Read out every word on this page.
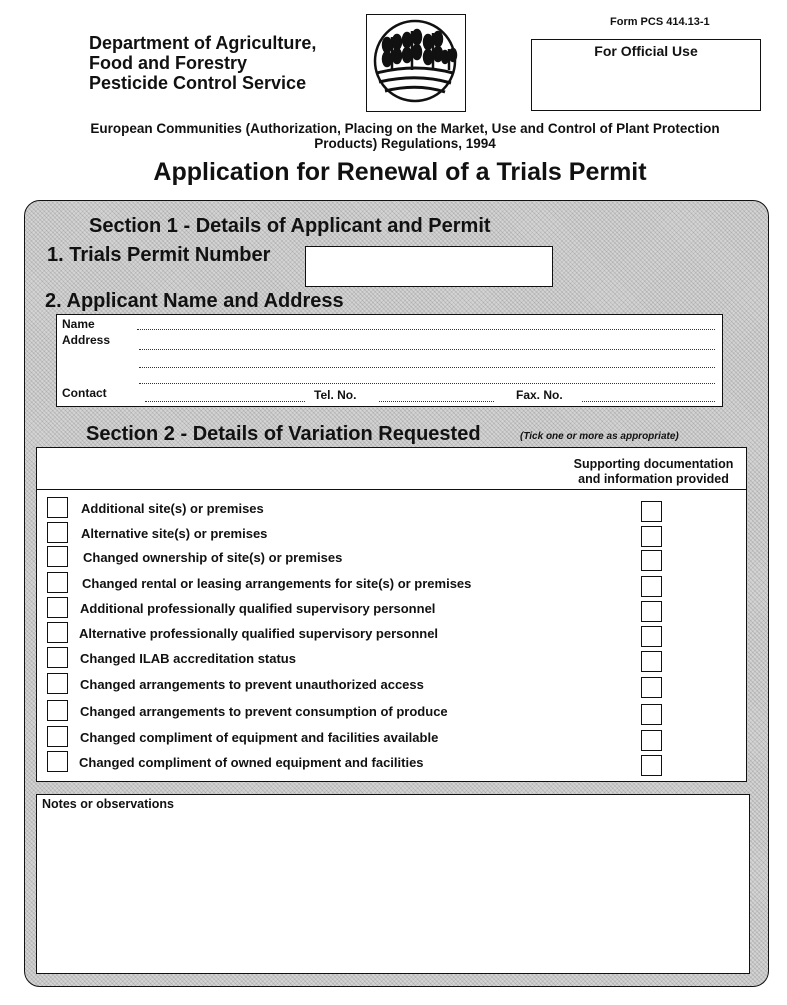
Department of Agriculture,
Food and Forestry
Pesticide Control Service
Form PCS 414.13-1
For Official Use
European Communities (Authorization, Placing on the Market, Use and Control of Plant Protection Products) Regulations, 1994
Application for Renewal of a Trials Permit
Section 1 - Details of Applicant and Permit
1. Trials Permit Number
2. Applicant Name and Address
Name
Address
Contact	Tel. No.	Fax. No.
Section 2 - Details of Variation Requested	(Tick one or more as appropriate)
Supporting documentation
and information provided
Additional site(s) or premises
Alternative site(s) or premises
Changed ownership of site(s) or premises
Changed rental or leasing arrangements for site(s) or premises
Additional professionally qualified supervisory personnel
Alternative professionally qualified supervisory personnel
Changed ILAB accreditation status
Changed arrangements to prevent unauthorized access
Changed arrangements to prevent consumption of produce
Changed compliment of equipment and facilities available
Changed compliment of owned equipment and facilities
Notes or observations
